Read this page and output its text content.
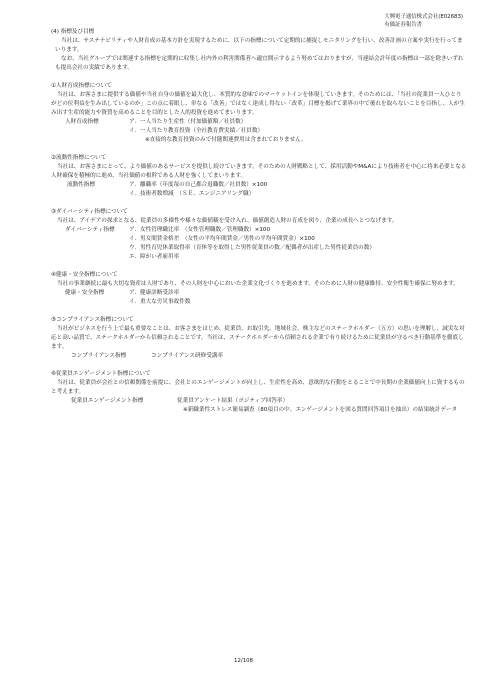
大興電子通信株式会社(E02683)
有価証券報告書

(4) 指標及び目標

当社は、サステナビリティや人財育成の基本方針を実現するために、以下の指標について定期的に捕捉しモニタリングを行い、改善計画の立案や実行を行ってまいります。

なお、当社グループでは関連する指標を定期的に収集し社内外の利害関係者へ適宜開示するよう努めてはおりますが、当連結会計年度の指標は一部を除きいずれも提出会社の実績であります。

①人財育成指標について

当社は、お客さまに提供する価値や当社自身の価値を最大化し、本質的な意味でのマーケットインを体現していきます。そのためには、「当社の従業員一人ひとりがどの位利益を生み出しているのか」この点に着眼し、単なる「改善」ではなく達成し得ない「改革」目標を掲げて業界の中で後れを取らないことを目指し、人が生み出す生産的能力や資質を高めることを目的とした人的投資を進めてまいります。

人財育成指標	ア. 一人当たり生産性（付加価値額／社員数）
イ. 一人当たり教育投資（全社教育費実績／社員数）

※直接的な教育投資のみで付随関連費用は含まれておりません。

②流動性指標について

当社は、お客さまにとって、より価値のあるサービスを提供し続けていきます。そのための人財戦略として、採用活動やM&Aにより技術者を中心に将来必要となる人財確保を積極的に進め、当社価値の根幹である人財を強くしてまいります。

流動性指標	ア. 離職率（年度毎の自己都合退職数／社員数）×100
イ. 技術者数増減　（ＳＥ、エンジニアリング職）

③ダイバーシティ指標について

当社は、アイデアの探求となる、従業員の多様性や様々な価値観を受け入れ、価値創造人財の育成を図り、企業の成長へとつなげます。

ダイバーシティ指標	ア. 女性管理職比率　（女性管理職数／管理職数）×100
イ. 男女間賃金格差　（女性の平均年間賃金／男性の平均年間賃金）×100
ウ. 男性育児休業取得率（育休等を取得した男性従業員の数／配偶者が出産した男性従業員の数）
エ. 障がい者雇用率

④健康・安全指標について

当社の事業継続に最も大切な資産は人財であり、その人財を中心においた企業文化づくりを進めます。そのために人財の健康維持、安全性衛生確保に努めます。

健康・安全指標	ア. 健康診断受診率
イ. 重大な労災事故件数

⑤コンプライアンス指標について

当社がビジネスを行う上で最も重要なことは、お客さまをはじめ、従業員、お取引先、地域社会、株主などのステークホルダー（五方）の思いを理解し、誠実な対応と高い品質で、ステークホルダーから信頼されることです。当社は、ステークホルダーから信頼される企業で有り続けるために従業員が守るべき行動基準を徹底します。

コンプライアンス指標	コンプライアンス研修受講率

⑥従業員エンゲージメント指標について

当社は、従業員が会社との信頼関係を前提に、会社とのエンゲージメントが向上し、生産性を高め、意欲的な行動をとることで中長期の企業価値向上に資するものと考えます。

従業員エンゲージメント指標	従業員アンケート結果（ポジティブ回答率）

※新職業性ストレス簡易調査（80項目の中、エンゲージメントを図る質問回答項目を抽出）の結果統計データ

12/108
